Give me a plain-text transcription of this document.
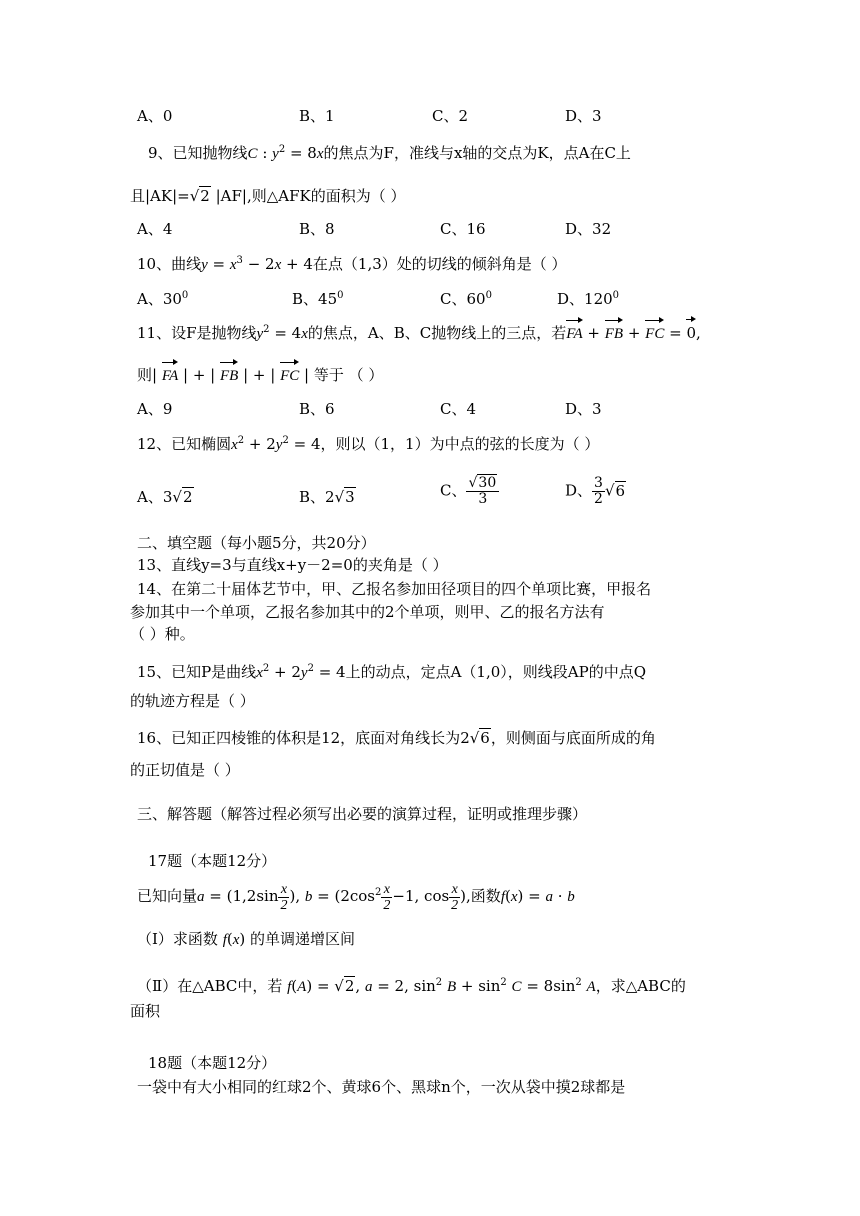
A、0	B、1	C、2	D、3
9、已知抛物线C : $y^2 = 8x$的焦点为F，准线与x轴的交点为K，点A在C上
且|AK|=√2 |AF|,则△AFK的面积为（ ）
A、4	B、8	C、16	D、32
10、曲线$y = x^3 - 2x + 4$在点（1,3）处的切线的倾斜角是（ ）
A、$30^0$	B、$45^0$	C、$60^0$	D、$120^0$
11、设F是抛物线$y^2 = 4x$的焦点，A、B、C抛物线上的三点，若FA + FB + FC = 0,
则| FA | + | FB | + | FC | 等于 （ ）
A、9	B、6	C、4	D、3
12、已知椭圆$x^2 + 2y^2 = 4$，则以（1，1）为中点的弦的长度为（ ）
A、3√2	B、2√3	C、 $\frac{√30}{3}$	D、 $\frac{3}{2} √6$
二、填空题（每小题5分，共20分）
13、直线y=3与直线x+y－2=0的夹角是（ ）
14、在第二十届体艺节中，甲、乙报名参加田径项目的四个单项比赛，甲报名
参加其中一个单项，乙报名参加其中的2个单项，则甲、乙的报名方法有
（ ）种。
15、已知P是曲线$x^2 + 2y^2 = 4$上的动点，定点A（1,0），则线段AP的中点Q
的轨迹方程是（ ）
16、已知正四棱锥的体积是12，底面对角线长为2√6，则侧面与底面所成的角
的正切值是（ ）
三、解答题（解答过程必须写出必要的演算过程，证明或推理步骤）
17题（本题12分）
已知向量$a = (1,2\sin \frac{x}{2}$ ), $b = (2\cos^2 \frac{x}{2} -1$, $\cos \frac{x}{2}$ ),函数f(x) = a · b
（Ⅰ）求函数 f(x) 的单调递增区间
（Ⅱ）在△ABC中，若 f(A) = √2, a = 2, $\sin^2 B + \sin^2 C = 8\sin^2$ A，求△ABC的
面积
18题（本题12分）
一袋中有大小相同的红球2个、黄球6个、黑球n个，一次从袋中摸2球都是
